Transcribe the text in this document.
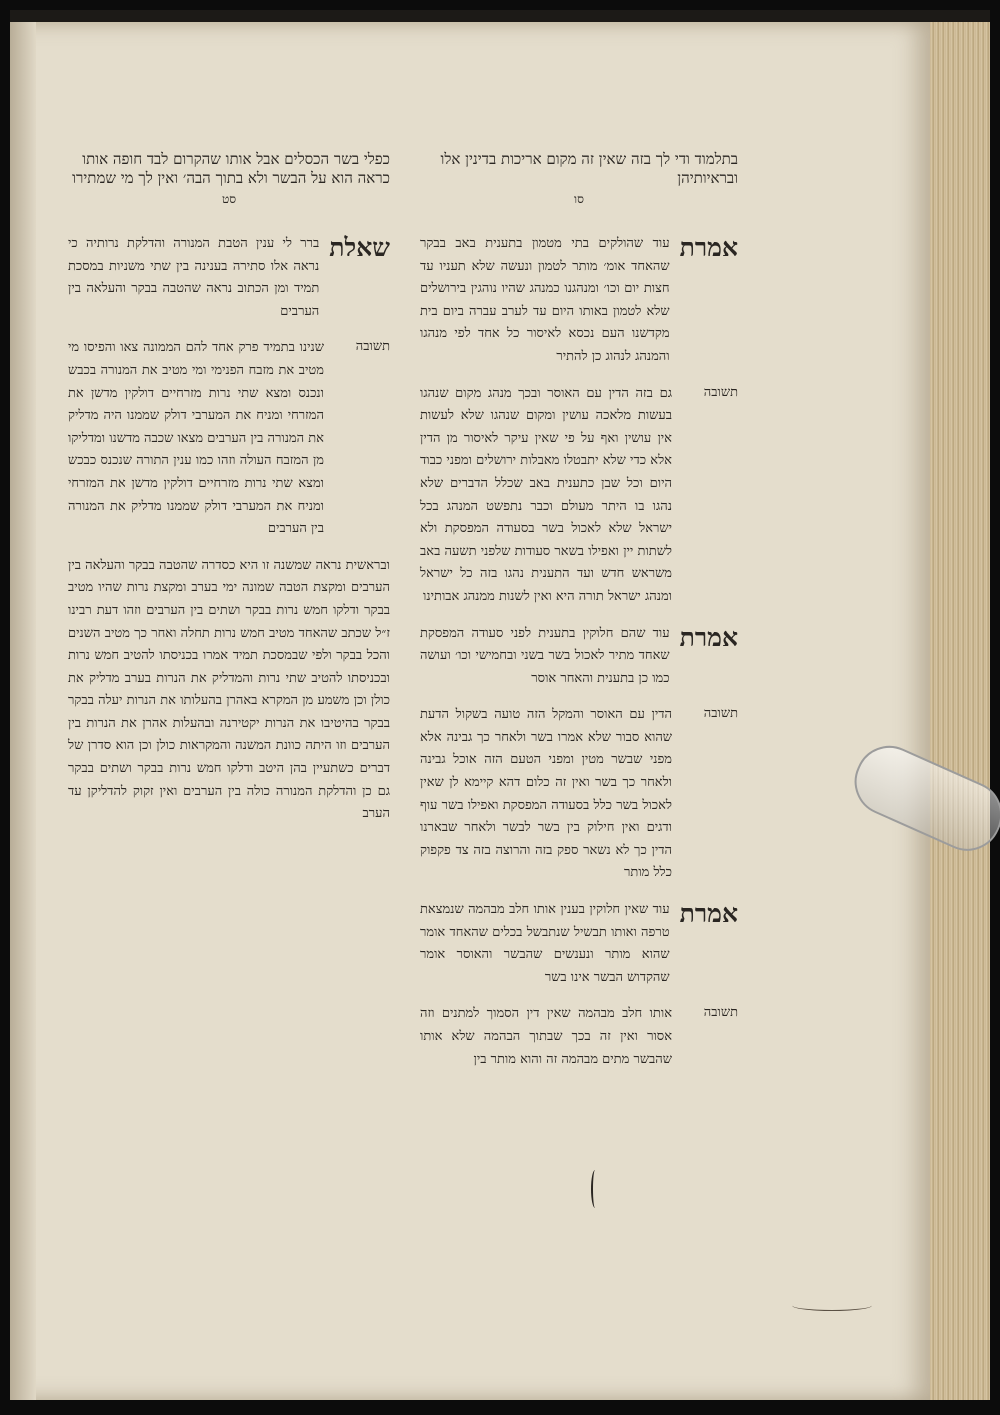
בתלמוד ודי לך בזה שאין זה מקום אריכות בדינין אלו ובראיותיהן
סו
אמרת
עוד שהולקים בתי מטמון בתענית באב בבקר שהאחד אומ׳ מותר לטמון ונעשה שלא תעניו עד חצות יום וכו׳ ומנהגנו כמנהג שהיו נוהגין בירושלים שלא לטמון באותו היום עד לערב עברה ביום בית מקדשנו העם נכסא לאיסור כל אחד לפי מנהגו והמנהג לנהוג כן להתיר
תשובה
גם בזה הדין עם האוסר ובכך מנהג מקום שנהגו בעשות מלאכה עושין ומקום שנהגו שלא לעשות אין עושין ואף על פי שאין עיקר לאיסור מן הדין אלא כדי שלא יתבטלו מאבלות ירושלים ומפני כבוד היום וכל שבן כתענית באב שכלל הדברים שלא נהגו בו היתר מעולם וכבר נתפשט המנהג בכל ישראל שלא לאכול בשר בסעודה המפסקת ולא לשתות יין ואפילו בשאר סעודות שלפני תשעה באב משראש חדש ועד התענית נהגו בזה כל ישראל ומנהג ישראל תורה היא ואין לשנות ממנהג אבותינו
אמרת
עוד שהם חלוקין בתענית לפני סעודה המפסקת שאחד מתיר לאכול בשר בשני ובחמישי וכו׳ ועושה כמו כן בתענית והאחר אוסר
תשובה
הדין עם האוסר והמקל הזה טועה בשקול הדעת שהוא סבור שלא אמרו בשר ולאחר כך גבינה אלא מפני שבשר מטין ומפני הטעם הזה אוכל גבינה ולאחר כך בשר ואין זה כלום דהא קיימא לן שאין לאכול בשר כלל בסעודה המפסקת ואפילו בשר עוף ודגים ואין חילוק בין בשר לבשר ולאחר שבארנו הדין כך לא נשאר ספק בזה והרוצה בזה צד פקפוק כלל מותר
אמרת
עוד שאין חלוקין בענין אותו חלב מבהמה שנמצאת טרפה ואותו תבשיל שנתבשל בכלים שהאחד אומר שהוא מותר ונענשים שהבשר והאוסר אומר שהקדוש הבשר אינו בשר
תשובה
אותו חלב מבהמה שאין דין הסמוך למתנים וזה אסור ואין זה בכך שבתוך הבהמה שלא אותו שהבשר מתים מבהמה זה והוא מותר בין
כפלי בשר הכסלים אבל אותו שהקרום לבד חופה אותו כראה הוא על הבשר ולא בתוך הבה׳ ואין לך מי שמתירו
סט
שאלת
ברר לי ענין הטבת המנורה והדלקת נרותיה כי נראה אלו סתירה בענינה בין שתי משניות במסכת תמיד ומן הכתוב נראה שהטבה בבקר והעלאה בין הערבים
תשובה
שנינו בתמיד פרק אחד להם הממונה צאו והפיסו מי מטיב את מזבח הפנימי ומי מטיב את המנורה בכבש ונכנס ומצא שתי נרות מזרחיים דולקין מדשן את המזרחי ומניח את המערבי דולק שממנו היה מדליק את המנורה בין הערבים מצאו שכבה מדשנו ומדליקו מן המזבח העולה וזהו כמו ענין התורה שנכנס כבכש ומצא שתי נרות מזרחיים דולקין מדשן את המזרחי ומניח את המערבי דולק שממנו מדליק את המנורה בין הערבים
ובראשית נראה שמשנה זו היא כסדרה שהטבה בבקר והעלאה בין הערבים ומקצת הטבה שמונה ימי בערב ומקצת נרות שהיו מטיב בבקר ודלקו חמש נרות בבקר ושתים בין הערבים וזהו דעת רבינו ז״ל שכתב שהאחד מטיב חמש נרות תחלה ואחר כך מטיב השנים והכל בבקר ולפי שבמסכת תמיד אמרו בכניסתו להטיב חמש נרות ובכניסתו להטיב שתי נרות והמדליק את הנרות בערב מדליק את כולן וכן משמע מן המקרא באהרן בהעלותו את הנרות יעלה בבקר בבקר בהיטיבו את הנרות יקטירנה ובהעלות אהרן את הנרות בין הערבים וזו היתה כוונת המשנה והמקראות כולן וכן הוא סדרן של דברים כשתעיין בהן היטב ודלקו חמש נרות בבקר ושתים בבקר גם כן והדלקת המנורה כולה בין הערבים ואין זקוק להדליקן עד הערב
